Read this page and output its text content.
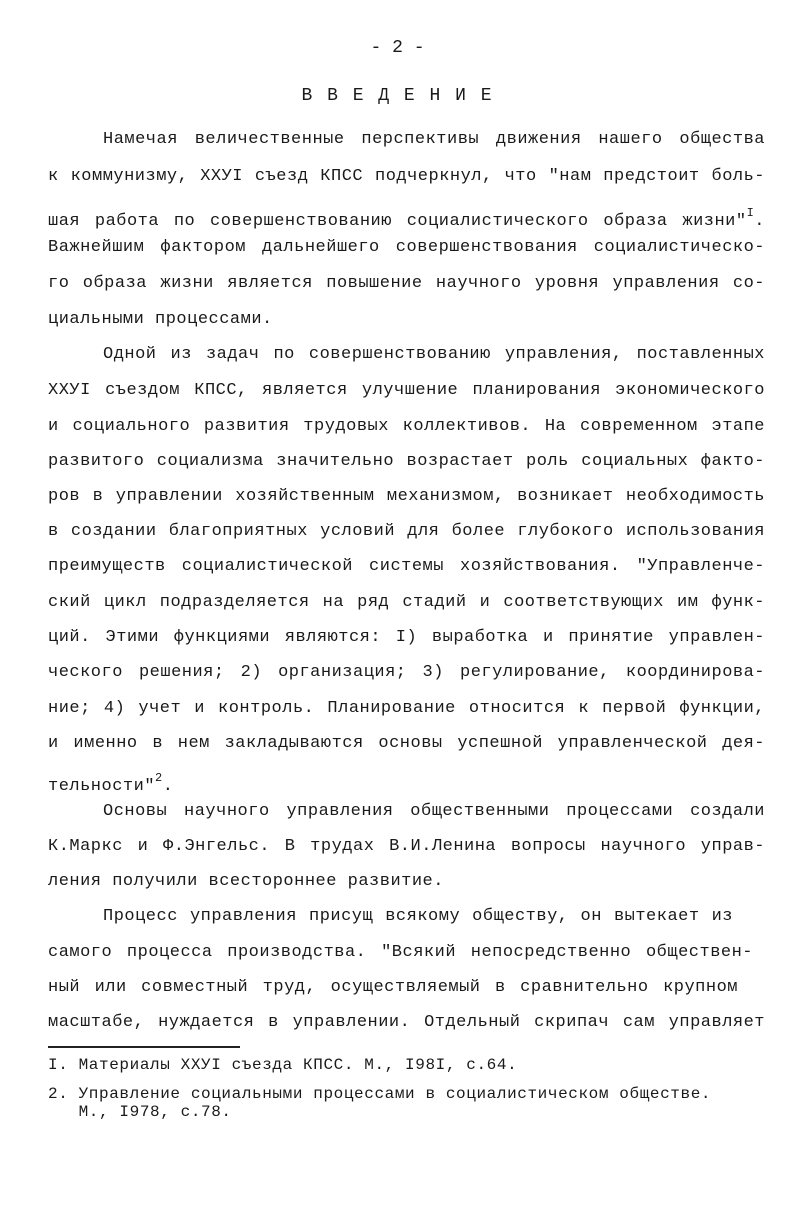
- 2 -
В В Е Д Е Н И Е
Намечая величественные перспективы движения нашего общества
к коммунизму, ХХУI съезд КПСС подчеркнул, что "нам предстоит боль-
шая работа по совершенствованию социалистического образа жизни"$^I$.
Важнейшим фактором дальнейшего совершенствования социалистическо-
го образа жизни является повышение научного уровня управления со-
циальными процессами.
Одной из задач по совершенствованию управления, поставленных
ХХУI съездом КПСС, является улучшение планирования экономического
и социального развития трудовых коллективов. На современном этапе
развитого социализма значительно возрастает роль социальных факто-
ров в управлении хозяйственным механизмом, возникает необходимость
в создании благоприятных условий для более глубокого использования
преимуществ социалистической системы хозяйствования. "Управленче-
ский цикл подразделяется на ряд стадий и соответствующих им функ-
ций. Этими функциями являются: I) выработка и принятие управлен-
ческого решения; 2) организация; 3) регулирование, координирова-
ние; 4) учет и контроль. Планирование относится к первой функции,
и именно в нем закладываются основы успешной управленческой дея-
тельности"$^2$.
Основы научного управления общественными процессами создали
К.Маркс и Ф.Энгельс. В трудах В.И.Ленина вопросы научного управ-
ления получили всестороннее развитие.
Процесс управления присущ всякому обществу, он вытекает из
самого процесса производства. "Всякий непосредственно обществен-
ный или совместный труд, осуществляемый в сравнительно крупном
масштабе, нуждается в управлении. Отдельный скрипач сам управляет
I. Материалы ХХУI съезда КПСС. М., I98I, с.64.
2. Управление социальными процессами в социалистическом обществе.
М., I978, с.78.
